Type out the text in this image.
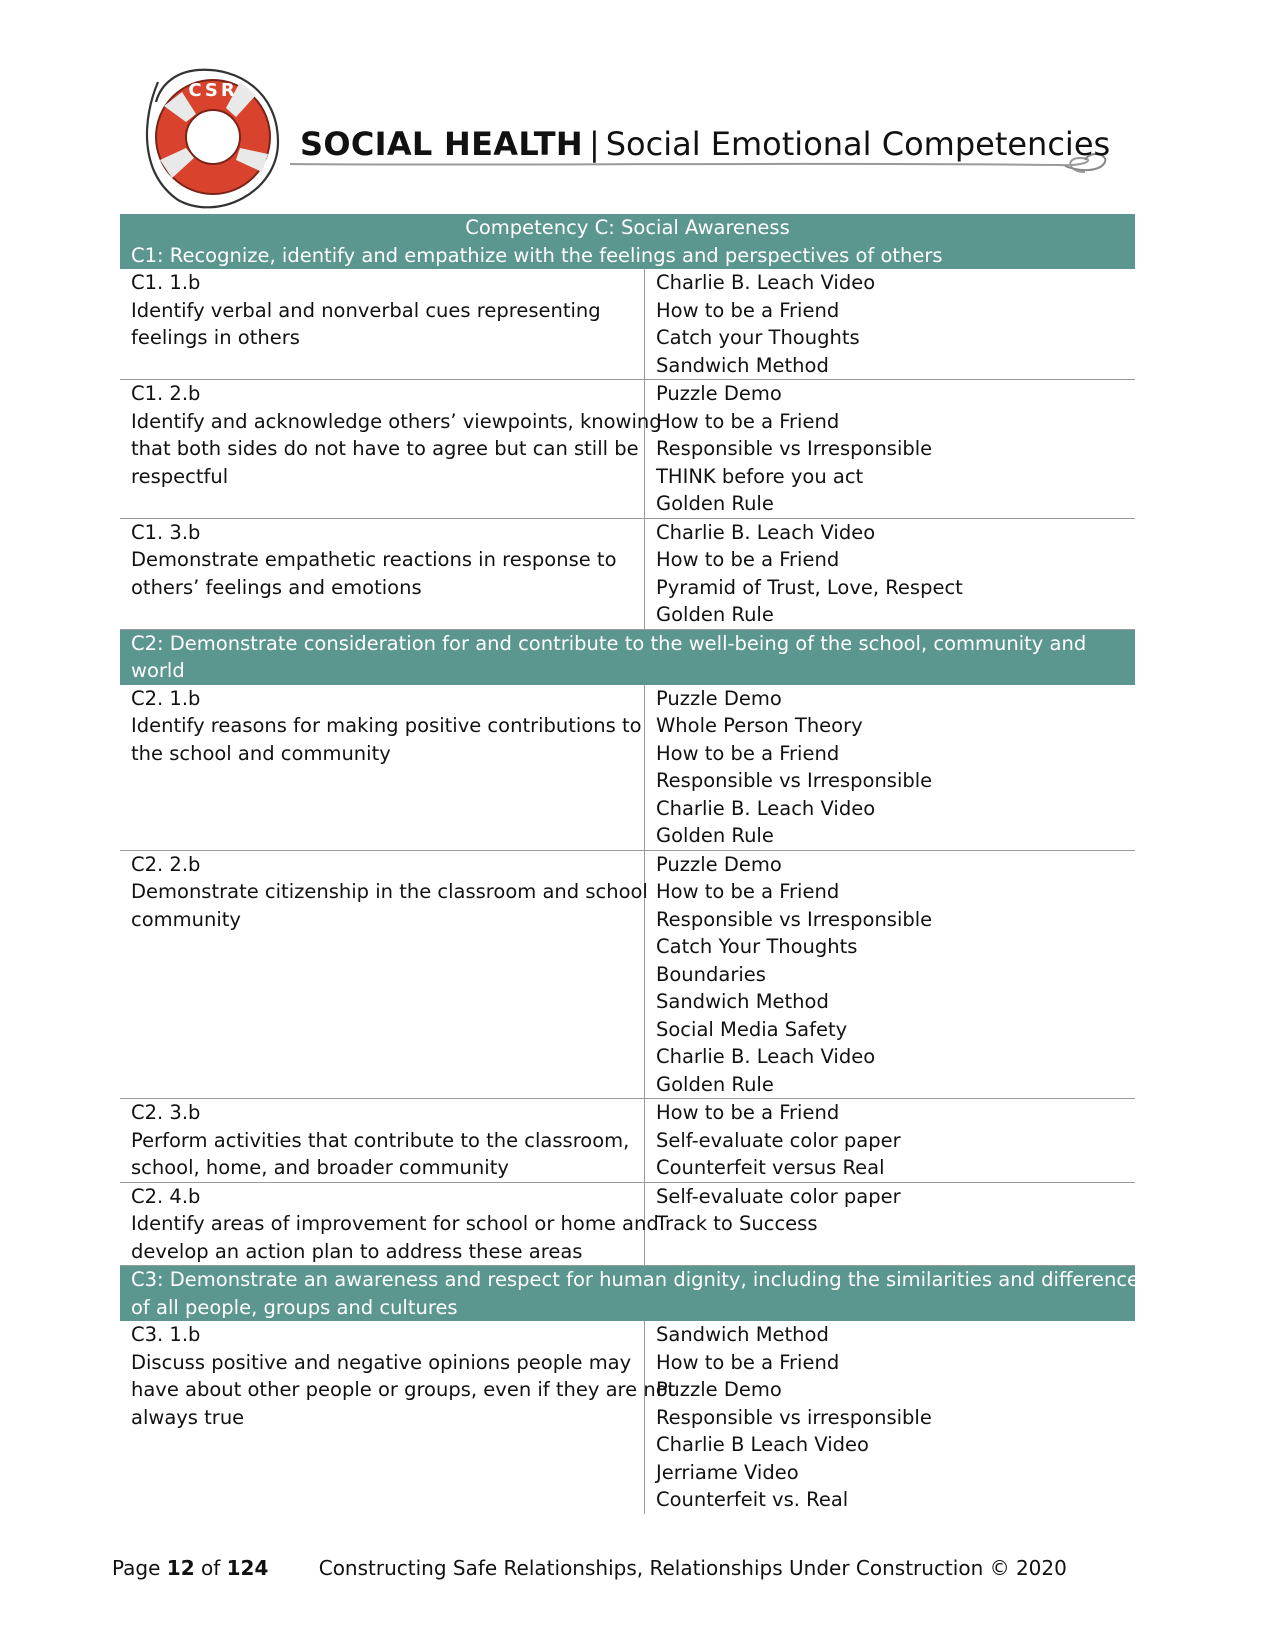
CSR
SOCIAL HEALTH | Social Emotional Competencies
Competency C: Social Awareness
C1: Recognize, identify and empathize with the feelings and perspectives of others
C1. 1.b
Identify verbal and nonverbal cues representing
feelings in others
Charlie B. Leach Video
How to be a Friend
Catch your Thoughts
Sandwich Method
C1. 2.b
Identify and acknowledge others’ viewpoints, knowing
that both sides do not have to agree but can still be
respectful
Puzzle Demo
How to be a Friend
Responsible vs Irresponsible
THINK before you act
Golden Rule
C1. 3.b
Demonstrate empathetic reactions in response to
others’ feelings and emotions
Charlie B. Leach Video
How to be a Friend
Pyramid of Trust, Love, Respect
Golden Rule
C2: Demonstrate consideration for and contribute to the well-being of the school, community and
world
C2. 1.b
Identify reasons for making positive contributions to
the school and community
Puzzle Demo
Whole Person Theory
How to be a Friend
Responsible vs Irresponsible
Charlie B. Leach Video
Golden Rule
C2. 2.b
Demonstrate citizenship in the classroom and school
community
Puzzle Demo
How to be a Friend
Responsible vs Irresponsible
Catch Your Thoughts
Boundaries
Sandwich Method
Social Media Safety
Charlie B. Leach Video
Golden Rule
C2. 3.b
Perform activities that contribute to the classroom,
school, home, and broader community
How to be a Friend
Self-evaluate color paper
Counterfeit versus Real
C2. 4.b
Identify areas of improvement for school or home and
develop an action plan to address these areas
Self-evaluate color paper
Track to Success
C3: Demonstrate an awareness and respect for human dignity, including the similarities and differences
of all people, groups and cultures
C3. 1.b
Discuss positive and negative opinions people may
have about other people or groups, even if they are not
always true
Sandwich Method
How to be a Friend
Puzzle Demo
Responsible vs irresponsible
Charlie B Leach Video
Jerriame Video
Counterfeit vs. Real
Page 12 of 124	Constructing Safe Relationships, Relationships Under Construction © 2020
